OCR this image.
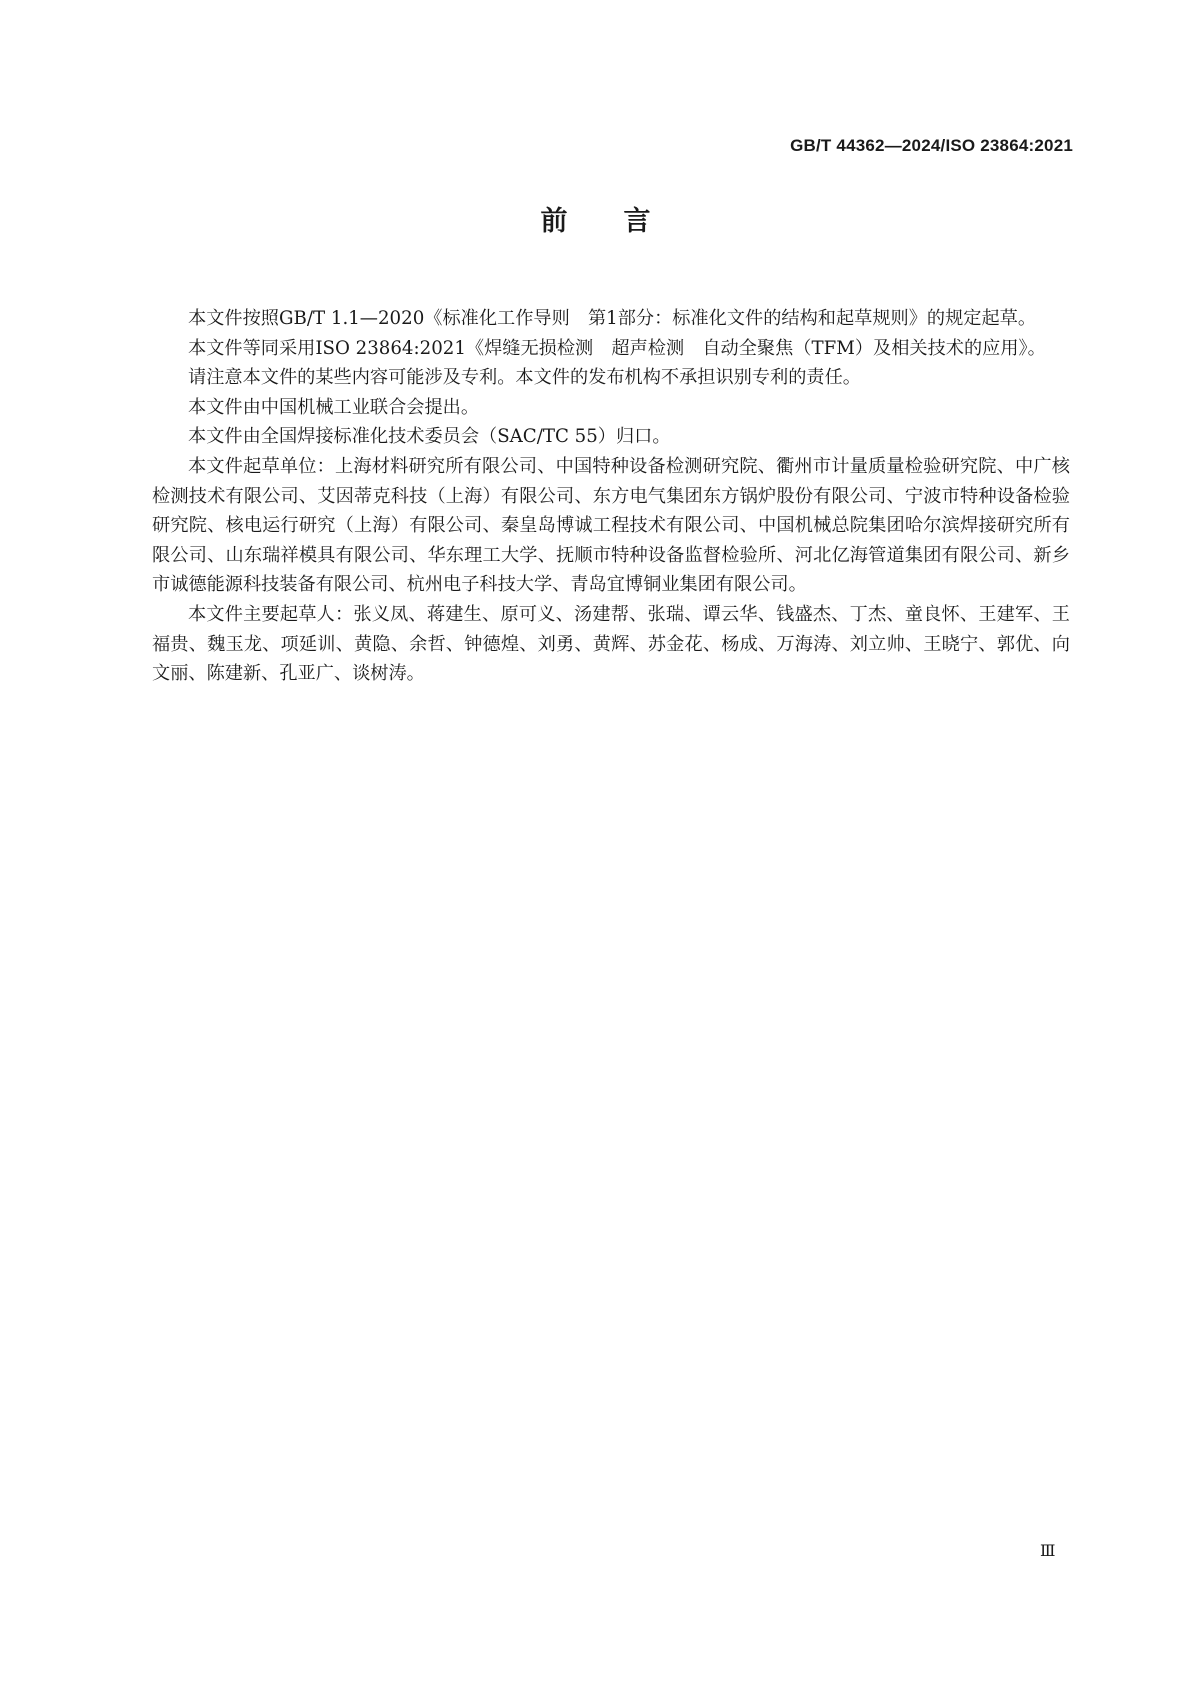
GB/T 44362—2024/ISO 23864:2021
前言

本文件按照GB/T 1.1—2020《标准化工作导则　第1部分：标准化文件的结构和起草规则》的规定起草。

本文件等同采用ISO 23864:2021《焊缝无损检测　超声检测　自动全聚焦（TFM）及相关技术的应用》。

请注意本文件的某些内容可能涉及专利。本文件的发布机构不承担识别专利的责任。

本文件由中国机械工业联合会提出。

本文件由全国焊接标准化技术委员会（SAC/TC 55）归口。

本文件起草单位：上海材料研究所有限公司、中国特种设备检测研究院、衢州市计量质量检验研究院、中广核检测技术有限公司、艾因蒂克科技（上海）有限公司、东方电气集团东方锅炉股份有限公司、宁波市特种设备检验研究院、核电运行研究（上海）有限公司、秦皇岛博诚工程技术有限公司、中国机械总院集团哈尔滨焊接研究所有限公司、山东瑞祥模具有限公司、华东理工大学、抚顺市特种设备监督检验所、河北亿海管道集团有限公司、新乡市诚德能源科技装备有限公司、杭州电子科技大学、青岛宜博铜业集团有限公司。

本文件主要起草人：张义凤、蒋建生、原可义、汤建帮、张瑞、谭云华、钱盛杰、丁杰、童良怀、王建军、王福贵、魏玉龙、项延训、黄隐、余哲、钟德煌、刘勇、黄辉、苏金花、杨成、万海涛、刘立帅、王晓宁、郭优、向文丽、陈建新、孔亚广、谈树涛。

Ⅲ
